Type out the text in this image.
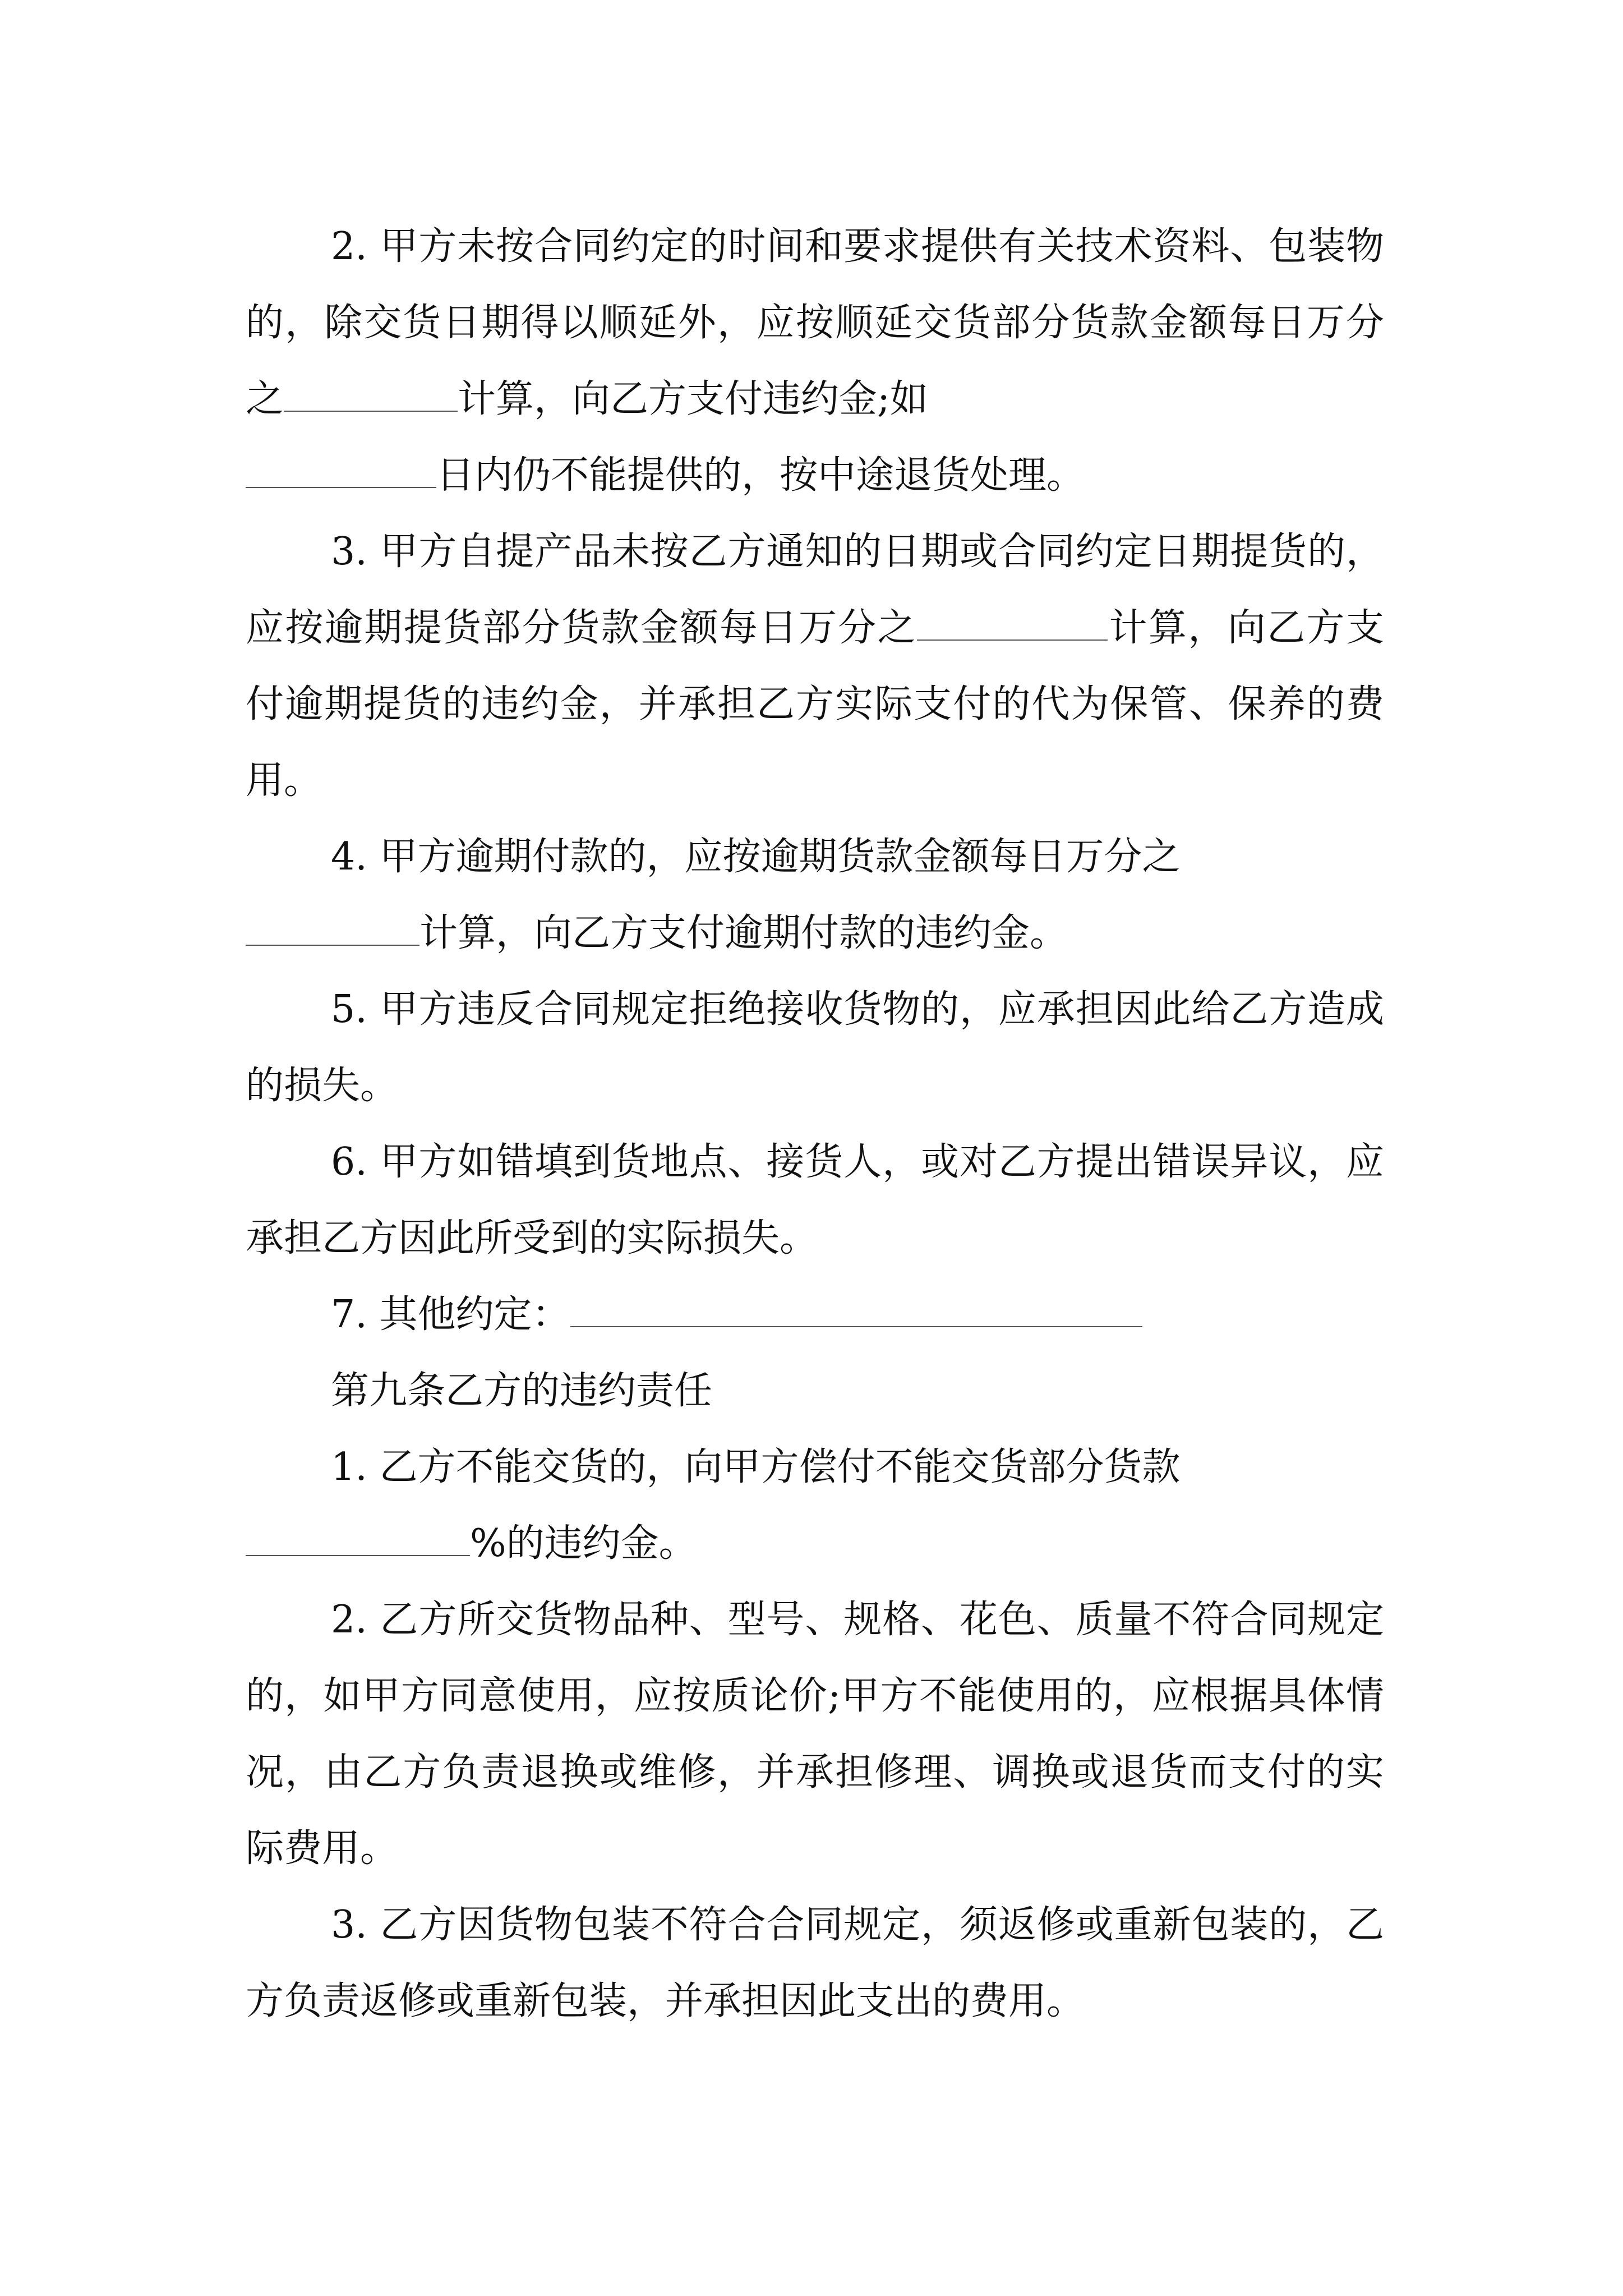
2. 甲方未按合同约定的时间和要求提供有关技术资料、包装物的，除交货日期得以顺延外，应按顺延交货部分货款金额每日万分之	计算，向乙方支付违约金;如
日内仍不能提供的，按中途退货处理。

3. 甲方自提产品未按乙方通知的日期或合同约定日期提货的，应按逾期提货部分货款金额每日万分之	计算，向乙方支付逾期提货的违约金，并承担乙方实际支付的代为保管、保养的费用。

4. 甲方逾期付款的，应按逾期货款金额每日万分之
计算，向乙方支付逾期付款的违约金。

5. 甲方违反合同规定拒绝接收货物的，应承担因此给乙方造成的损失。

6. 甲方如错填到货地点、接货人，或对乙方提出错误异议，应承担乙方因此所受到的实际损失。

7. 其他约定：

第九条乙方的违约责任

1. 乙方不能交货的，向甲方偿付不能交货部分货款
%的违约金。

2. 乙方所交货物品种、型号、规格、花色、质量不符合同规定的，如甲方同意使用，应按质论价;甲方不能使用的，应根据具体情况，由乙方负责退换或维修，并承担修理、调换或退货而支付的实际费用。

3. 乙方因货物包装不符合合同规定，须返修或重新包装的，乙方负责返修或重新包装，并承担因此支出的费用。
